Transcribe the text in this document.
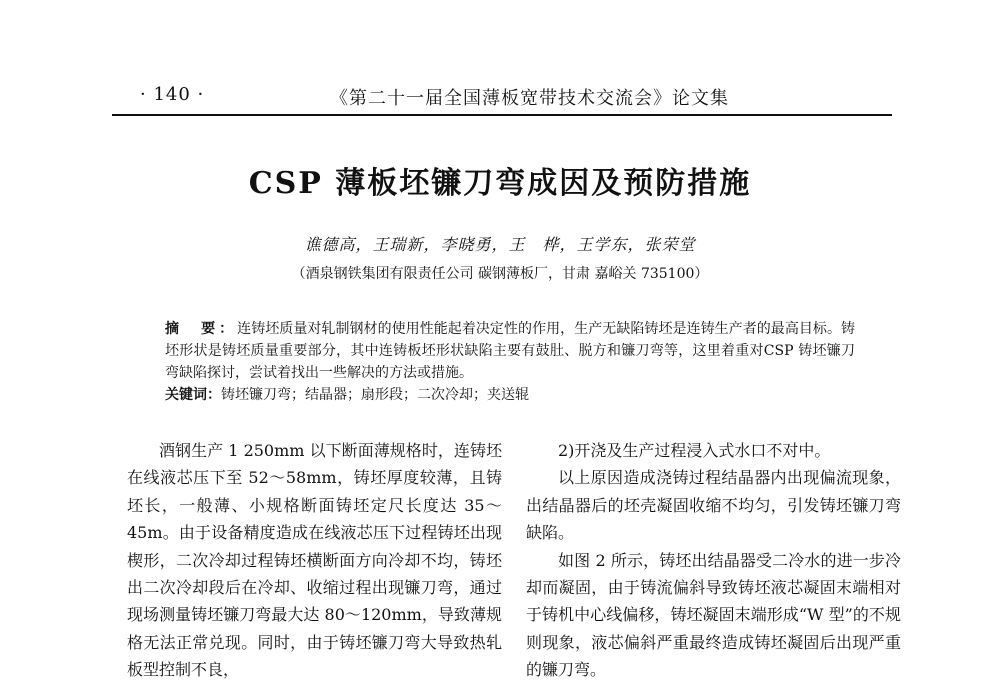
· 140 ·	《第二十一届全国薄板宽带技术交流会》论文集
CSP 薄板坯镰刀弯成因及预防措施
谯德高，王瑞新，李晓勇，王　桦，王学东，张荣堂
（酒泉钢铁集团有限责任公司 碳钢薄板厂，甘肃 嘉峪关 735100）
摘　要：连铸坯质量对轧制钢材的使用性能起着决定性的作用，生产无缺陷铸坯是连铸生产者的最高目标。铸坯形状是铸坯质量重要部分，其中连铸板坯形状缺陷主要有鼓肚、脱方和镰刀弯等，这里着重对CSP 铸坯镰刀弯缺陷探讨，尝试着找出一些解决的方法或措施。
关键词：铸坯镰刀弯；结晶器；扇形段；二次冷却；夹送辊

酒钢生产 1 250mm 以下断面薄规格时，连铸坯在线液芯压下至 52～58mm，铸坯厚度较薄，且铸坯长，一般薄、小规格断面铸坯定尺长度达 35～45m。由于设备精度造成在线液芯压下过程铸坯出现楔形，二次冷却过程铸坯横断面方向冷却不均，铸坯出二次冷却段后在冷却、收缩过程出现镰刀弯，通过现场测量铸坯镰刀弯最大达 80～120mm，导致薄规格无法正常兑现。同时，由于铸坯镰刀弯大导致热轧板型控制不良，

2)开浇及生产过程浸入式水口不对中。

以上原因造成浇铸过程结晶器内出现偏流现象，出结晶器后的坯壳凝固收缩不均匀，引发铸坯镰刀弯缺陷。

如图 2 所示，铸坯出结晶器受二冷水的进一步冷却而凝固，由于铸流偏斜导致铸坯液芯凝固末端相对于铸机中心线偏移，铸坯凝固末端形成“W 型”的不规则现象，液芯偏斜严重最终造成铸坯凝固后出现严重的镰刀弯。
